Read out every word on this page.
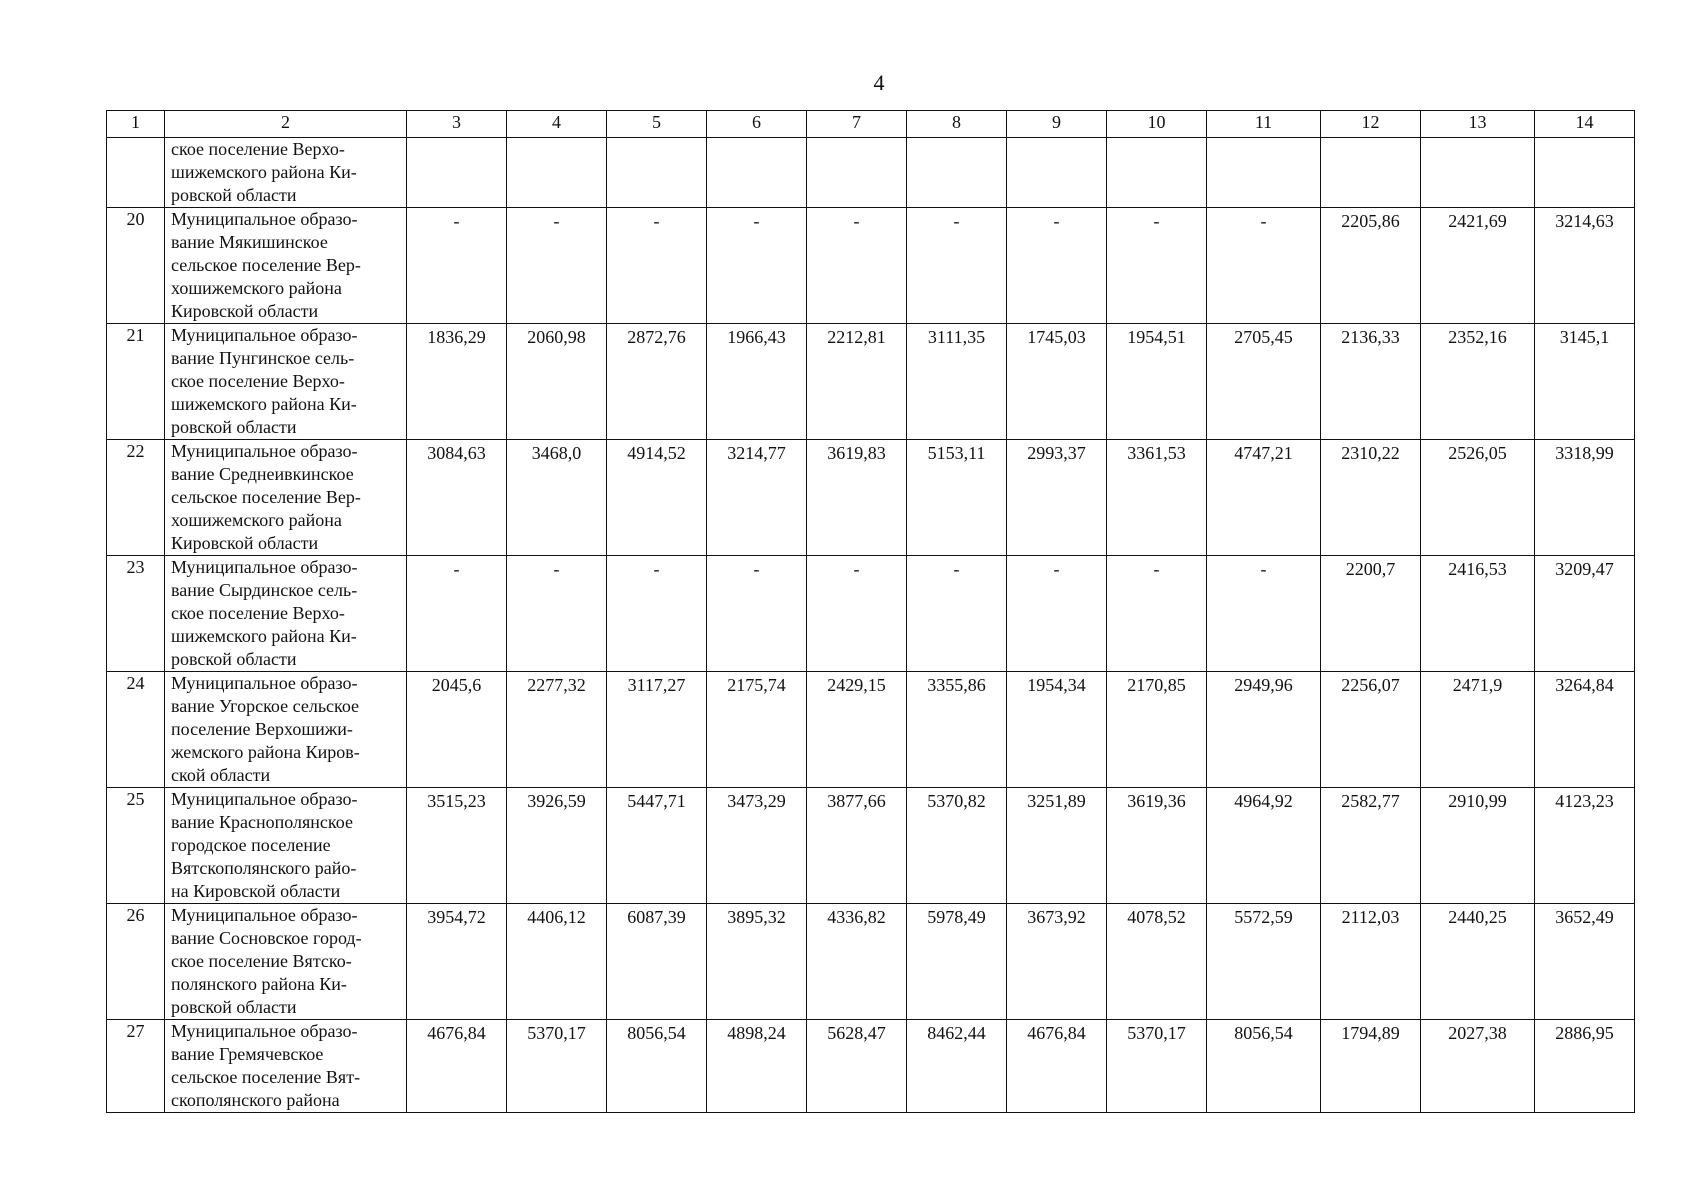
4
1	2	3	4	5	6	7	8	9	10	11	12	13	14
	ское поселение Верхо-
шижемского района Ки-
ровской области												
20	Муниципальное образо-
вание Мякишинское
сельское поселение Вер-
хошижемского района
Кировской области	-	-	-	-	-	-	-	-	-	2205,86	2421,69	3214,63
21	Муниципальное образо-
вание Пунгинское сель-
ское поселение Верхо-
шижемского района Ки-
ровской области	1836,29	2060,98	2872,76	1966,43	2212,81	3111,35	1745,03	1954,51	2705,45	2136,33	2352,16	3145,1
22	Муниципальное образо-
вание Среднеивкинское
сельское поселение Вер-
хошижемского района
Кировской области	3084,63	3468,0	4914,52	3214,77	3619,83	5153,11	2993,37	3361,53	4747,21	2310,22	2526,05	3318,99
23	Муниципальное образо-
вание Сырдинское сель-
ское поселение Верхо-
шижемского района Ки-
ровской области	-	-	-	-	-	-	-	-	-	2200,7	2416,53	3209,47
24	Муниципальное образо-
вание Угорское сельское
поселение Верхошижи-
жемского района Киров-
ской области	2045,6	2277,32	3117,27	2175,74	2429,15	3355,86	1954,34	2170,85	2949,96	2256,07	2471,9	3264,84
25	Муниципальное образо-
вание Краснополянское
городское поселение
Вятскополянского райо-
на Кировской области	3515,23	3926,59	5447,71	3473,29	3877,66	5370,82	3251,89	3619,36	4964,92	2582,77	2910,99	4123,23
26	Муниципальное образо-
вание Сосновское город-
ское поселение Вятско-
полянского района Ки-
ровской области	3954,72	4406,12	6087,39	3895,32	4336,82	5978,49	3673,92	4078,52	5572,59	2112,03	2440,25	3652,49
27	Муниципальное образо-
вание Гремячевское
сельское поселение Вят-
скополянского района	4676,84	5370,17	8056,54	4898,24	5628,47	8462,44	4676,84	5370,17	8056,54	1794,89	2027,38	2886,95
